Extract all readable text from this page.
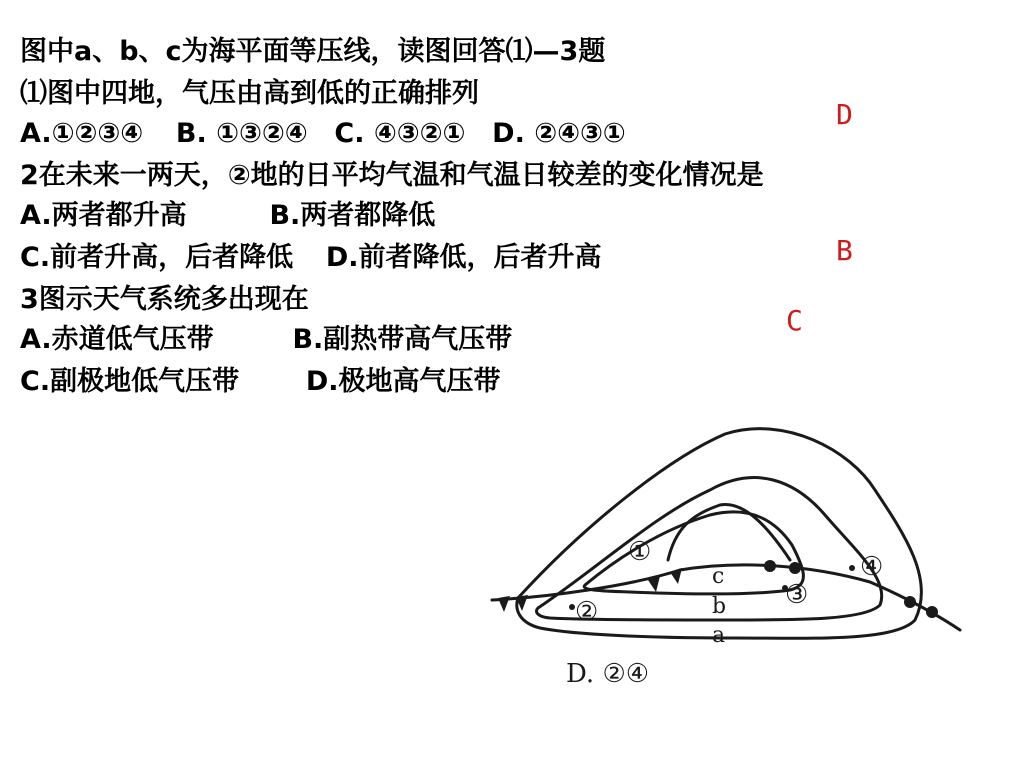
图中a、b、c为海平面等压线，读图回答⑴—3题
⑴图中四地，气压由高到低的正确排列
A.①②③④ B. ①③②④ C. ④③②① D. ②④③①
2在未来一两天，②地的日平均气温和气温日较差的变化情况是
A.两者都升高	B.两者都降低
C.前者升高，后者降低 D.前者降低，后者升高
3图示天气系统多出现在
A.赤道低气压带	B.副热带高气压带
C.副极地低气压带 D.极地高气压带
D
B
C
①
②
③
④
c
b
a
D. ②④
